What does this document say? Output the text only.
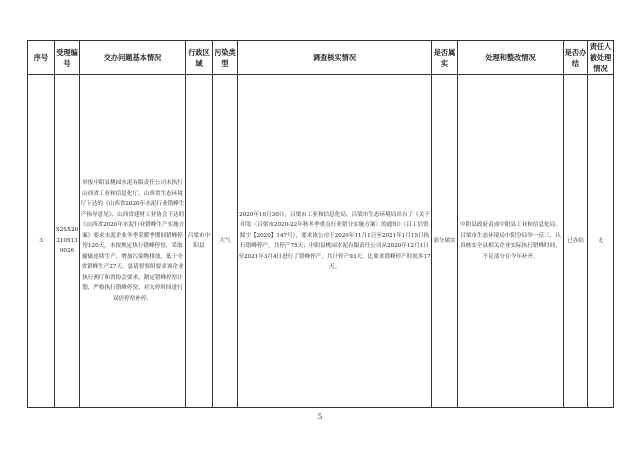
序号	受理编号	交办问题基本情况	行政区域	污染类型	调查核实情况	是否属实	处理和整改情况	是否办结	责任人被处理情况
3	X2SX202105130026	举报中阳县桃园水泥有限责任公司未执行山西省工业和信息化厅、山西省生态环境厅下达的《山西省2020年水泥行业错峰生产指导意见》、山西省建材工业协会下达的《山西省2020年水泥行业错峰生产实施方案》要求水泥企业冬季采暖季期间错峰停窑120天，未按规定执行错峰停窑，采取偷偷连续生产，增加污染物排放，低于全省错峰生产27天。恳请督察组要求该企业执行两厅和省协会要求，制定错峰停窑计划，严格执行错峰停窑，对欠停时间进行双倍停窑补停。	吕梁市中阳县	大气	2020年10月30日，吕梁市工业和信息化局、吕梁市生态环境局出台了《关于印发〈吕梁市2020-22年秋冬季重点行业错分实施方案〉的通知》（吕工信资源字【2020】147号），要求该公司于2020年11月1日至2021年1月15日执行错峰停产，共停产75天；中阳县桃园水泥有限责任公司从2020年12月1日至2021年3月4日进行了错峰停产，共计停产93天，比要求错峰停产时间多17天。	部分属实	中阳县政府责成中阳县工业和信息化局、吕梁市生态环境局中阳分局举一反三，认真核实全县相关企业实际执行错峰时间，不足部分在今年补齐。	已办结	无
5
